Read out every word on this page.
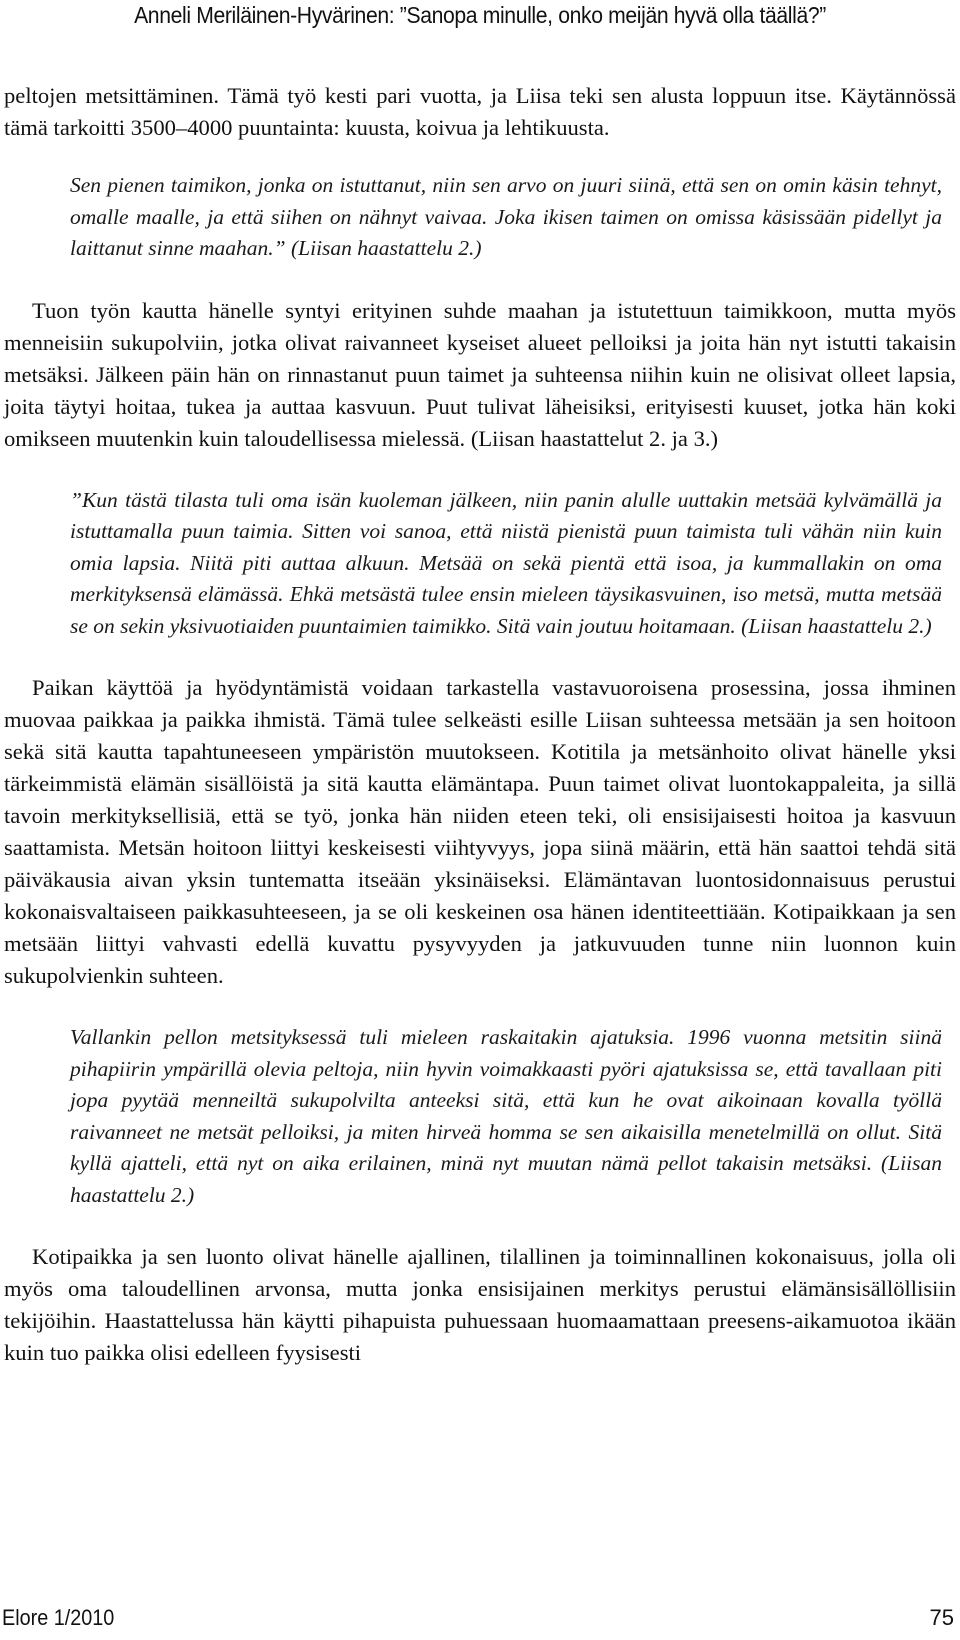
Anneli Meriläinen-Hyvärinen: ”Sanopa minulle, onko meijän hyvä olla täällä?”

peltojen metsittäminen. Tämä työ kesti pari vuotta, ja Liisa teki sen alusta loppuun itse. Käytännössä tämä tarkoitti 3500–4000 puuntainta: kuusta, koivua ja lehtikuusta.

Sen pienen taimikon, jonka on istuttanut, niin sen arvo on juuri siinä, että sen on omin käsin tehnyt, omalle maalle, ja että siihen on nähnyt vaivaa. Joka ikisen taimen on omissa käsissään pidellyt ja laittanut sinne maahan.” (Liisan haastattelu 2.)

Tuon työn kautta hänelle syntyi erityinen suhde maahan ja istutettuun taimikkoon, mutta myös menneisiin sukupolviin, jotka olivat raivanneet kyseiset alueet pelloiksi ja joita hän nyt istutti takaisin metsäksi. Jälkeen päin hän on rinnastanut puun taimet ja suhteensa niihin kuin ne olisivat olleet lapsia, joita täytyi hoitaa, tukea ja auttaa kasvuun. Puut tulivat läheisiksi, erityisesti kuuset, jotka hän koki omikseen muutenkin kuin taloudellisessa mielessä. (Liisan haastattelut 2. ja 3.)

”Kun tästä tilasta tuli oma isän kuoleman jälkeen, niin panin alulle uuttakin metsää kylvämällä ja istuttamalla puun taimia. Sitten voi sanoa, että niistä pienistä puun taimista tuli vähän niin kuin omia lapsia. Niitä piti auttaa alkuun. Metsää on sekä pientä että isoa, ja kummallakin on oma merkityksensä elämässä. Ehkä metsästä tulee ensin mieleen täysikasvuinen, iso metsä, mutta metsää se on sekin yksivuotiaiden puuntaimien taimikko. Sitä vain joutuu hoitamaan. (Liisan haastattelu 2.)

Paikan käyttöä ja hyödyntämistä voidaan tarkastella vastavuoroisena prosessina, jossa ihminen muovaa paikkaa ja paikka ihmistä. Tämä tulee selkeästi esille Liisan suhteessa metsään ja sen hoitoon sekä sitä kautta tapahtuneeseen ympäristön muutokseen. Kotitila ja metsänhoito olivat hänelle yksi tärkeimmistä elämän sisällöistä ja sitä kautta elämäntapa. Puun taimet olivat luontokappaleita, ja sillä tavoin merkityksellisiä, että se työ, jonka hän niiden eteen teki, oli ensisijaisesti hoitoa ja kasvuun saattamista. Metsän hoitoon liittyi keskeisesti viihtyvyys, jopa siinä määrin, että hän saattoi tehdä sitä päiväkausia aivan yksin tuntematta itseään yksinäiseksi. Elämäntavan luontosidonnaisuus perustui kokonaisvaltaiseen paikkasuhteeseen, ja se oli keskeinen osa hänen identiteettiään. Kotipaikkaan ja sen metsään liittyi vahvasti edellä kuvattu pysyvyyden ja jatkuvuuden tunne niin luonnon kuin sukupolvienkin suhteen.

Vallankin pellon metsityksessä tuli mieleen raskaitakin ajatuksia. 1996 vuonna metsitin siinä pihapiirin ympärillä olevia peltoja, niin hyvin voimakkaasti pyöri ajatuksissa se, että tavallaan piti jopa pyytää menneiltä sukupolvilta anteeksi sitä, että kun he ovat aikoinaan kovalla työllä raivanneet ne metsät pelloiksi, ja miten hirveä homma se sen aikaisilla menetelmillä on ollut. Sitä kyllä ajatteli, että nyt on aika erilainen, minä nyt muutan nämä pellot takaisin metsäksi. (Liisan haastattelu 2.)

Kotipaikka ja sen luonto olivat hänelle ajallinen, tilallinen ja toiminnallinen kokonaisuus, jolla oli myös oma taloudellinen arvonsa, mutta jonka ensisijainen merkitys perustui elämänsisällöllisiin tekijöihin. Haastattelussa hän käytti pihapuista puhuessaan huomaamattaan preesens-aikamuotoa ikään kuin tuo paikka olisi edelleen fyysisesti

Elore 1/2010	75
